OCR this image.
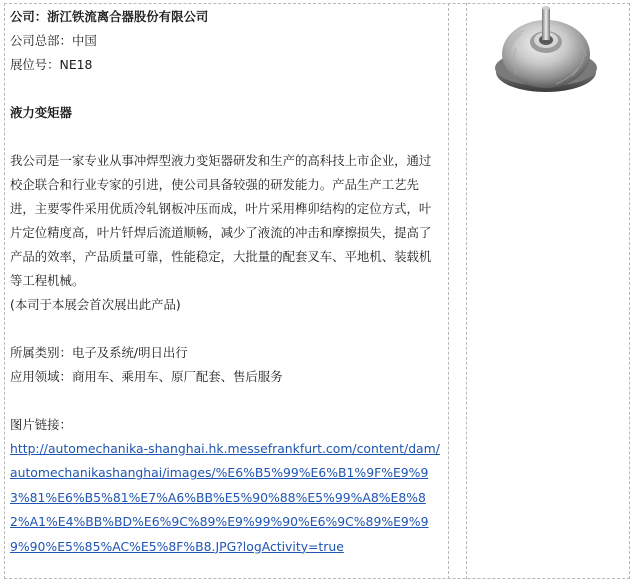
公司：浙江铁流离合器股份有限公司

公司总部：中国

展位号：NE18

液力变矩器

我公司是一家专业从事冲焊型液力变矩器研发和生产的高科技上市企业，通过校企联合和行业专家的引进，使公司具备较强的研发能力。产品生产工艺先进，主要零件采用优质冷轧钢板冲压而成，叶片采用榫卯结构的定位方式，叶片定位精度高，叶片钎焊后流道顺畅，减少了液流的冲击和摩擦损失，提高了产品的效率，产品质量可靠，性能稳定，大批量的配套叉车、平地机、装载机等工程机械。

(本司于本展会首次展出此产品)

所属类别：电子及系统/明日出行

应用领域：商用车、乘用车、原厂配套、售后服务

图片链接：

http://automechanika-shanghai.hk.messefrankfurt.com/content/dam/automechanikashanghai/images/%E6%B5%99%E6%B1%9F%E9%93%81%E6%B5%81%E7%A6%BB%E5%90%88%E5%99%A8%E8%82%A1%E4%BB%BD%E6%9C%89%E9%99%90%E6%9C%89%E9%99%90%E5%85%AC%E5%8F%B8.JPG?logActivity=true
